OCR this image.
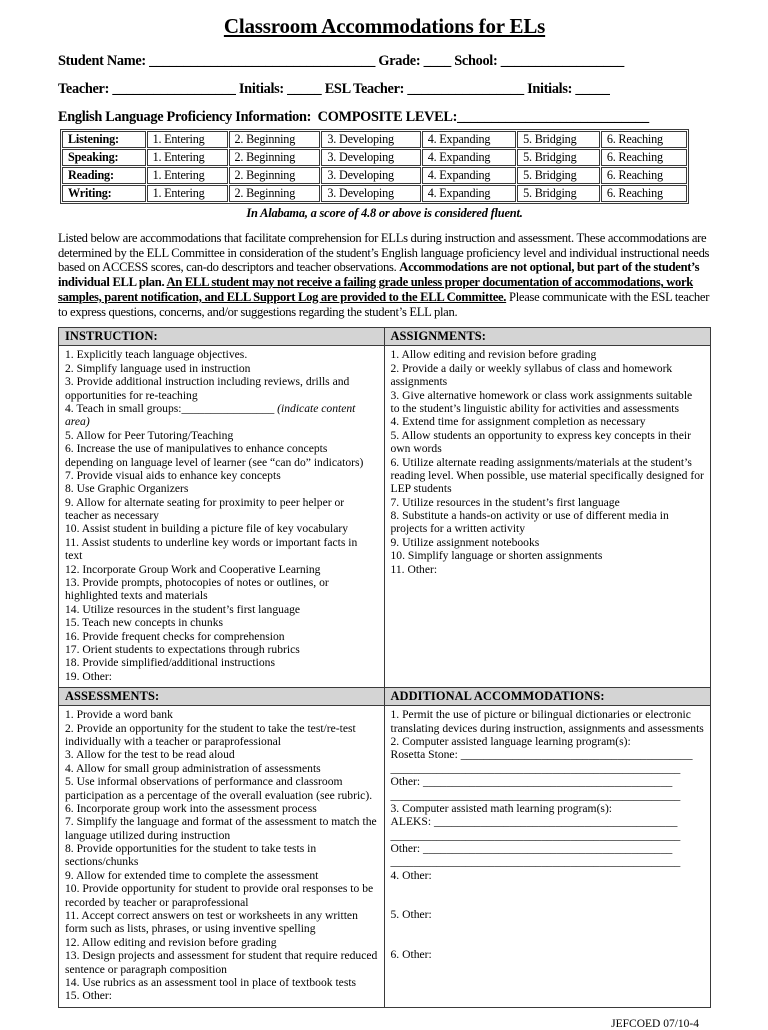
Classroom Accommodations for ELs
Student Name: _________________________________ Grade: ____ School: __________________
Teacher: __________________ Initials: _____ ESL Teacher: _________________ Initials: _____
English Language Proficiency Information:  COMPOSITE LEVEL:____________________________
Listening:	1. Entering	2. Beginning	3. Developing	4. Expanding	5. Bridging	6. Reaching
Speaking:	1. Entering	2. Beginning	3. Developing	4. Expanding	5. Bridging	6. Reaching
Reading:	1. Entering	2. Beginning	3. Developing	4. Expanding	5. Bridging	6. Reaching
Writing:	1. Entering	2. Beginning	3. Developing	4. Expanding	5. Bridging	6. Reaching
In Alabama, a score of 4.8 or above is considered fluent.

Listed below are accommodations that facilitate comprehension for ELLs during instruction and assessment. These accommodations are determined by the ELL Committee in consideration of the student’s English language proficiency level and individual instructional needs based on ACCESS scores, can-do descriptors and teacher observations. Accommodations are not optional, but part of the student’s individual ELL plan. An ELL student may not receive a failing grade unless proper documentation of accommodations, work samples, parent notification, and ELL Support Log are provided to the ELL Committee. Please communicate with the ESL teacher to express questions, concerns, and/or suggestions regarding the student’s ELL plan.

INSTRUCTION:	ASSIGNMENTS:
1. Explicitly teach language objectives.
2. Simplify language used in instruction
3. Provide additional instruction including reviews, drills and opportunities for re-teaching
4. Teach in small groups:________________ (indicate content area)
5. Allow for Peer Tutoring/Teaching
6. Increase the use of manipulatives to enhance concepts depending on language level of learner (see “can do” indicators)
7. Provide visual aids to enhance key concepts
8. Use Graphic Organizers
9. Allow for alternate seating for proximity to peer helper or teacher as necessary
10. Assist student in building a picture file of key vocabulary
11. Assist students to underline key words or important facts in text
12. Incorporate Group Work and Cooperative Learning
13. Provide prompts, photocopies of notes or outlines, or highlighted texts and materials
14. Utilize resources in the student’s first language
15. Teach new concepts in chunks
16. Provide frequent checks for comprehension
17. Orient students to expectations through rubrics
18. Provide simplified/additional instructions
19. Other:
1. Allow editing and revision before grading
2. Provide a daily or weekly syllabus of class and homework assignments
3. Give alternative homework or class work assignments suitable to the student’s linguistic ability for activities and assessments
4. Extend time for assignment completion as necessary
5. Allow students an opportunity to express key concepts in their own words
6. Utilize alternate reading assignments/materials at the student’s reading level. When possible, use material specifically designed for LEP students
7. Utilize resources in the student’s first language
8. Substitute a hands-on activity or use of different media in projects for a written activity
9. Utilize assignment notebooks
10. Simplify language or shorten assignments
11. Other:
ASSESSMENTS:	ADDITIONAL ACCOMMODATIONS:
1. Provide a word bank
2. Provide an opportunity for the student to take the test/re-test individually with a teacher or paraprofessional
3. Allow for the test to be read aloud
4. Allow for small group administration of assessments
5. Use informal observations of performance and classroom participation as a percentage of the overall evaluation (see rubric).
6. Incorporate group work into the assessment process
7. Simplify the language and format of the assessment to match the language utilized during instruction
8. Provide opportunities for the student to take tests in sections/chunks
9. Allow for extended time to complete the assessment
10. Provide opportunity for student to provide oral responses to be recorded by teacher or paraprofessional
11. Accept correct answers on test or worksheets in any written form such as lists, phrases, or using inventive spelling
12. Allow editing and revision before grading
13. Design projects and assessment for student that require reduced sentence or paragraph composition
14. Use rubrics as an assessment tool in place of textbook tests
15. Other:
1. Permit the use of picture or bilingual dictionaries or electronic translating devices during instruction, assignments and assessments
2. Computer assisted language learning program(s):
Rosetta Stone: ________________________________________
__________________________________________________
Other: ___________________________________________
__________________________________________________
3. Computer assisted math learning program(s):
ALEKS: __________________________________________
__________________________________________________
Other: ___________________________________________
__________________________________________________
4. Other:
5. Other:
6. Other:
JEFCOED 07/10-4
